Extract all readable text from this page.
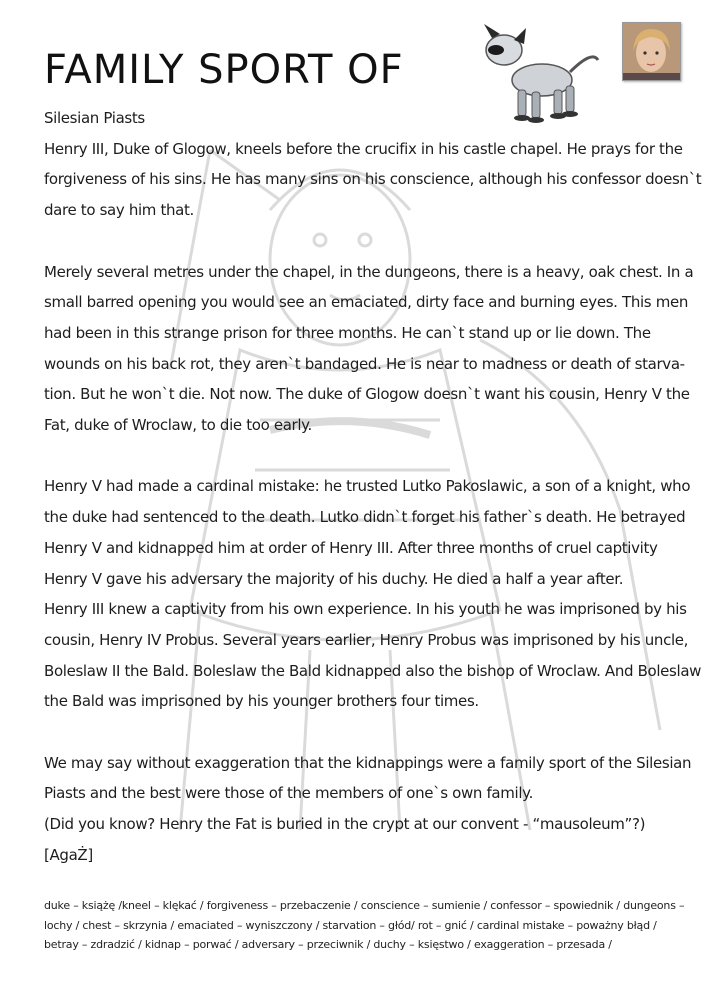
FAMILY SPORT OF

Silesian Piasts

Henry III, Duke of Glogow, kneels before the crucifix in his castle chapel. He prays for the forgiveness of his sins. He has many sins on his conscience, although his confessor doesn`t dare to say him that.

Merely several metres under the chapel, in the dungeons, there is a heavy, oak chest. In a small barred opening you would see an emaciated, dirty face and burning eyes. This men had been in this strange prison for three months. He can`t stand up or lie down. The wounds on his back rot, they aren`t bandaged. He is near to madness or death of starva-tion. But he won`t die. Not now. The duke of Glogow doesn`t want his cousin, Henry V the Fat, duke of Wroclaw, to die too early.

Henry V had made a cardinal mistake: he trusted Lutko Pakoslawic, a son of a knight, who the duke had sentenced to the death. Lutko didn`t forget his father`s death. He betrayed Henry V and kidnapped him at order of Henry III. After three months of cruel captivity Henry V gave his adversary the majority of his duchy. He died a half a year after.

Henry III knew a captivity from his own experience. In his youth he was imprisoned by his cousin, Henry IV Probus. Several years earlier, Henry Probus was imprisoned by his uncle, Boleslaw II the Bald. Boleslaw the Bald kidnapped also the bishop of Wroclaw. And Boleslaw the Bald was imprisoned by his younger brothers four times.

We may say without exaggeration that the kidnappings were a family sport of the Silesian Piasts and the best were those of the members of one`s own family.

(Did you know? Henry the Fat is buried in the crypt at our convent - “mausoleum”?)

[AgaŻ]

duke – książę /kneel – klękać / forgiveness – przebaczenie / conscience – sumienie / confessor – spowiednik / dungeons – lochy / chest – skrzynia / emaciated – wyniszczony / starvation – głód/ rot – gnić / cardinal mistake – poważny błąd / betray – zdradzić / kidnap – porwać / adversary – przeciwnik / duchy – księstwo / exaggeration – przesada /
